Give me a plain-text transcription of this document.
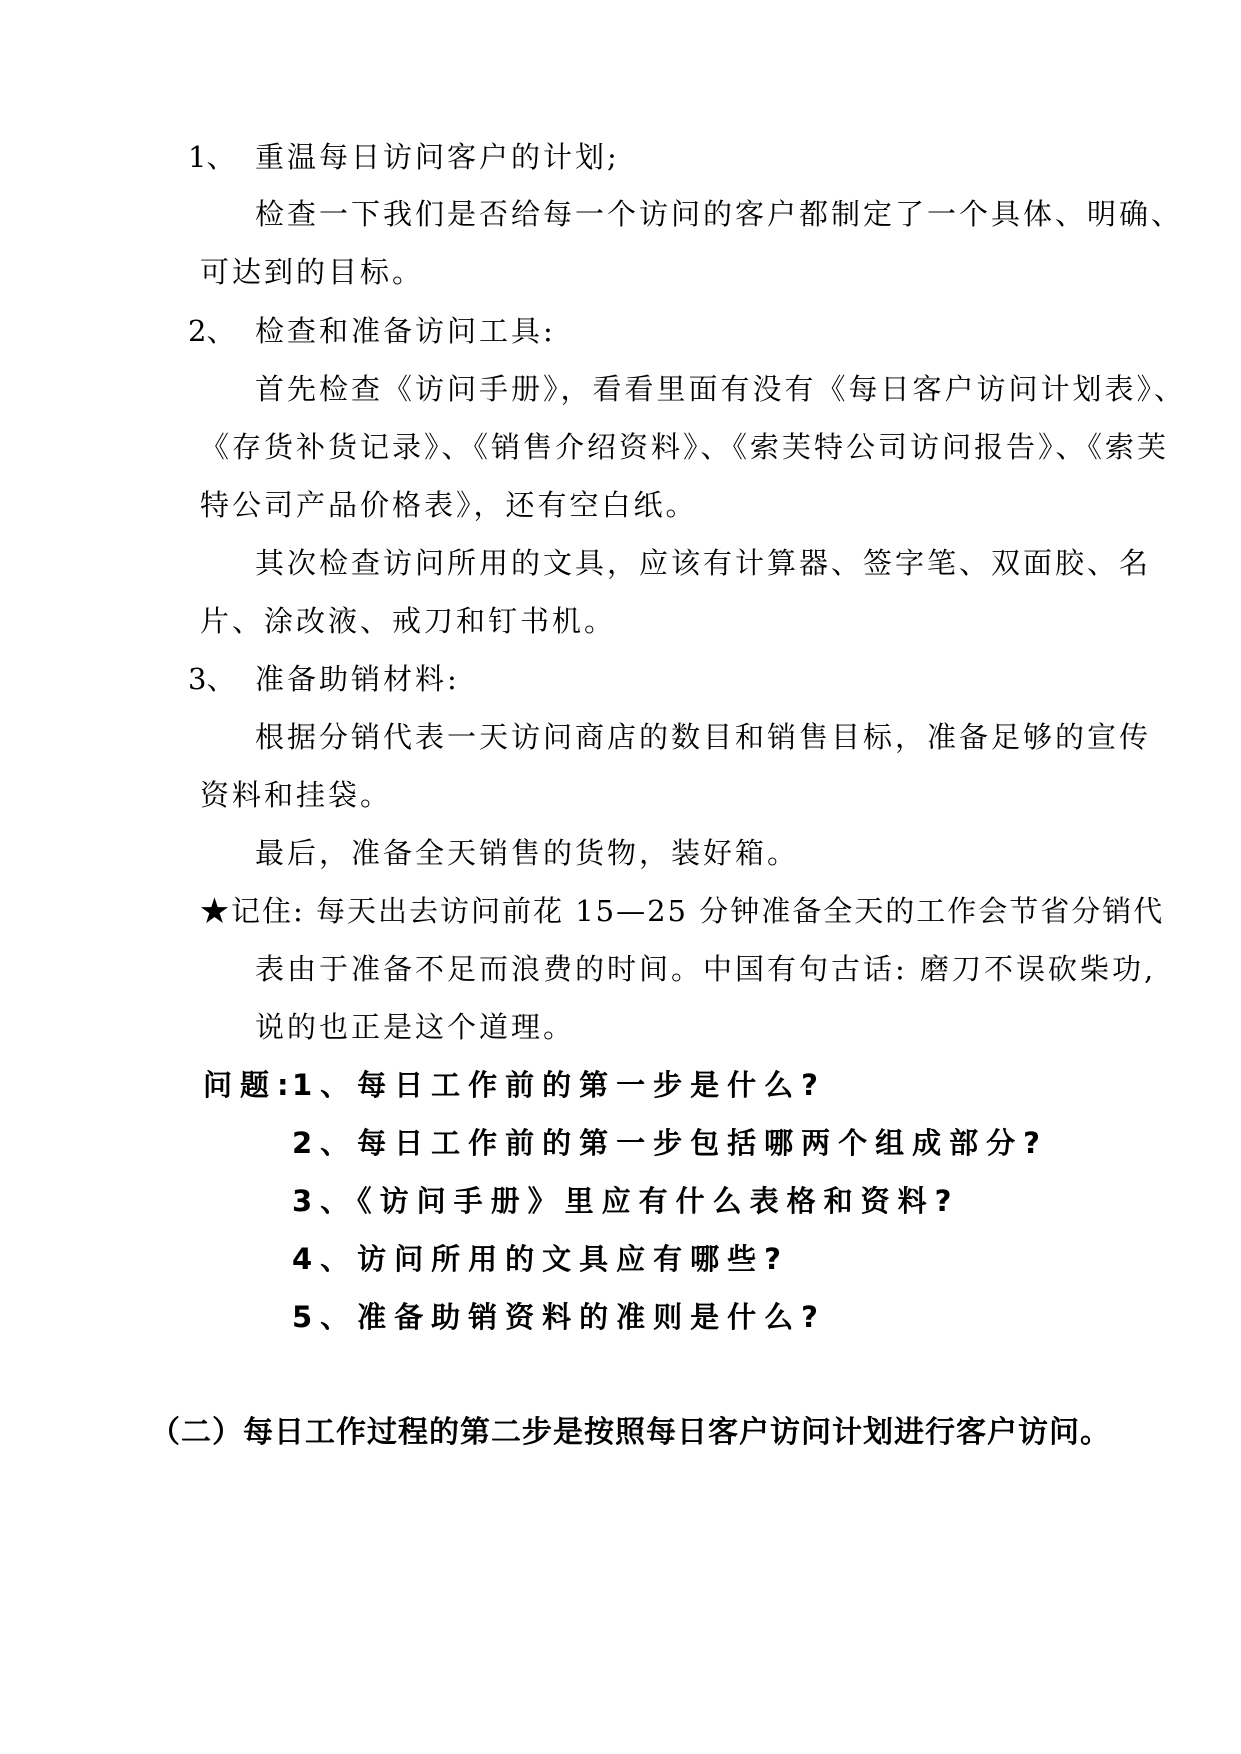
1、 重温每日访问客户的计划;
检查一下我们是否给每一个访问的客户都制定了一个具体、明确、
可达到的目标。
2、 检查和准备访问工具:
首先检查《访问手册》，看看里面有没有《每日客户访问计划表》、
《存货补货记录》、《销售介绍资料》、《索芙特公司访问报告》、《索芙
特公司产品价格表》，还有空白纸。
其次检查访问所用的文具，应该有计算器、签字笔、双面胶、名
片、涂改液、戒刀和钉书机。
3、 准备助销材料:
根据分销代表一天访问商店的数目和销售目标，准备足够的宣传
资料和挂袋。
最后，准备全天销售的货物，装好箱。
★记住: 每天出去访问前花 15—25 分钟准备全天的工作会节省分销代
表由于准备不足而浪费的时间。中国有句古话: 磨刀不误砍柴功,
说的也正是这个道理。
问题:
1、每日工作前的第一步是什么?
2、每日工作前的第一步包括哪两个组成部分?
3、《访问手册》里应有什么表格和资料?
4、访问所用的文具应有哪些?
5、准备助销资料的准则是什么?
（二）每日工作过程的第二步是按照每日客户访问计划进行客户访问。
